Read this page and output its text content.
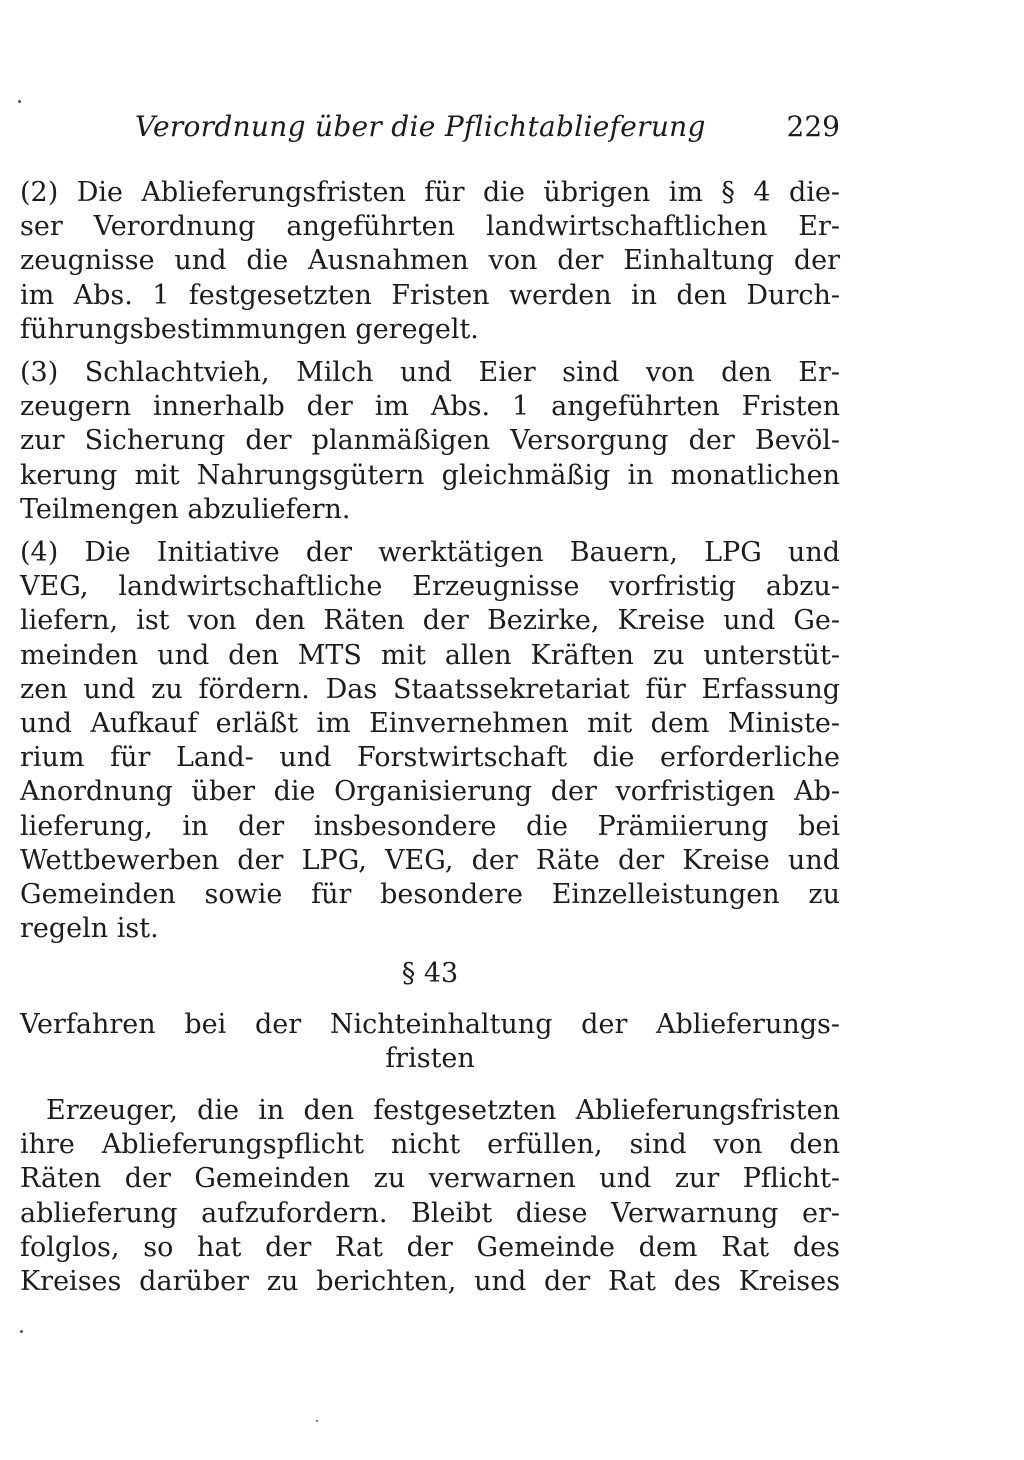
Verordnung über die Pflichtablieferung	229
(2) Die Ablieferungsfristen für die übrigen im § 4 die-
ser Verordnung angeführten landwirtschaftlichen Er-
zeugnisse und die Ausnahmen von der Einhaltung der
im Abs. 1 festgesetzten Fristen werden in den Durch-
führungsbestimmungen geregelt.
(3) Schlachtvieh, Milch und Eier sind von den Er-
zeugern innerhalb der im Abs. 1 angeführten Fristen
zur Sicherung der planmäßigen Versorgung der Bevöl-
kerung mit Nahrungsgütern gleichmäßig in monatlichen
Teilmengen abzuliefern.
(4) Die Initiative der werktätigen Bauern, LPG und
VEG, landwirtschaftliche Erzeugnisse vorfristig abzu-
liefern, ist von den Räten der Bezirke, Kreise und Ge-
meinden und den MTS mit allen Kräften zu unterstüt-
zen und zu fördern. Das Staatssekretariat für Erfassung
und Aufkauf erläßt im Einvernehmen mit dem Ministe-
rium für Land- und Forstwirtschaft die erforderliche
Anordnung über die Organisierung der vorfristigen Ab-
lieferung, in der insbesondere die Prämiierung bei
Wettbewerben der LPG, VEG, der Räte der Kreise und
Gemeinden sowie für besondere Einzelleistungen zu
regeln ist.
§ 43
Verfahren bei der Nichteinhaltung der Ablieferungs-
fristen
Erzeuger, die in den festgesetzten Ablieferungsfristen
ihre Ablieferungspflicht nicht erfüllen, sind von den
Räten der Gemeinden zu verwarnen und zur Pflicht-
ablieferung aufzufordern. Bleibt diese Verwarnung er-
folglos, so hat der Rat der Gemeinde dem Rat des
Kreises darüber zu berichten, und der Rat des Kreises
